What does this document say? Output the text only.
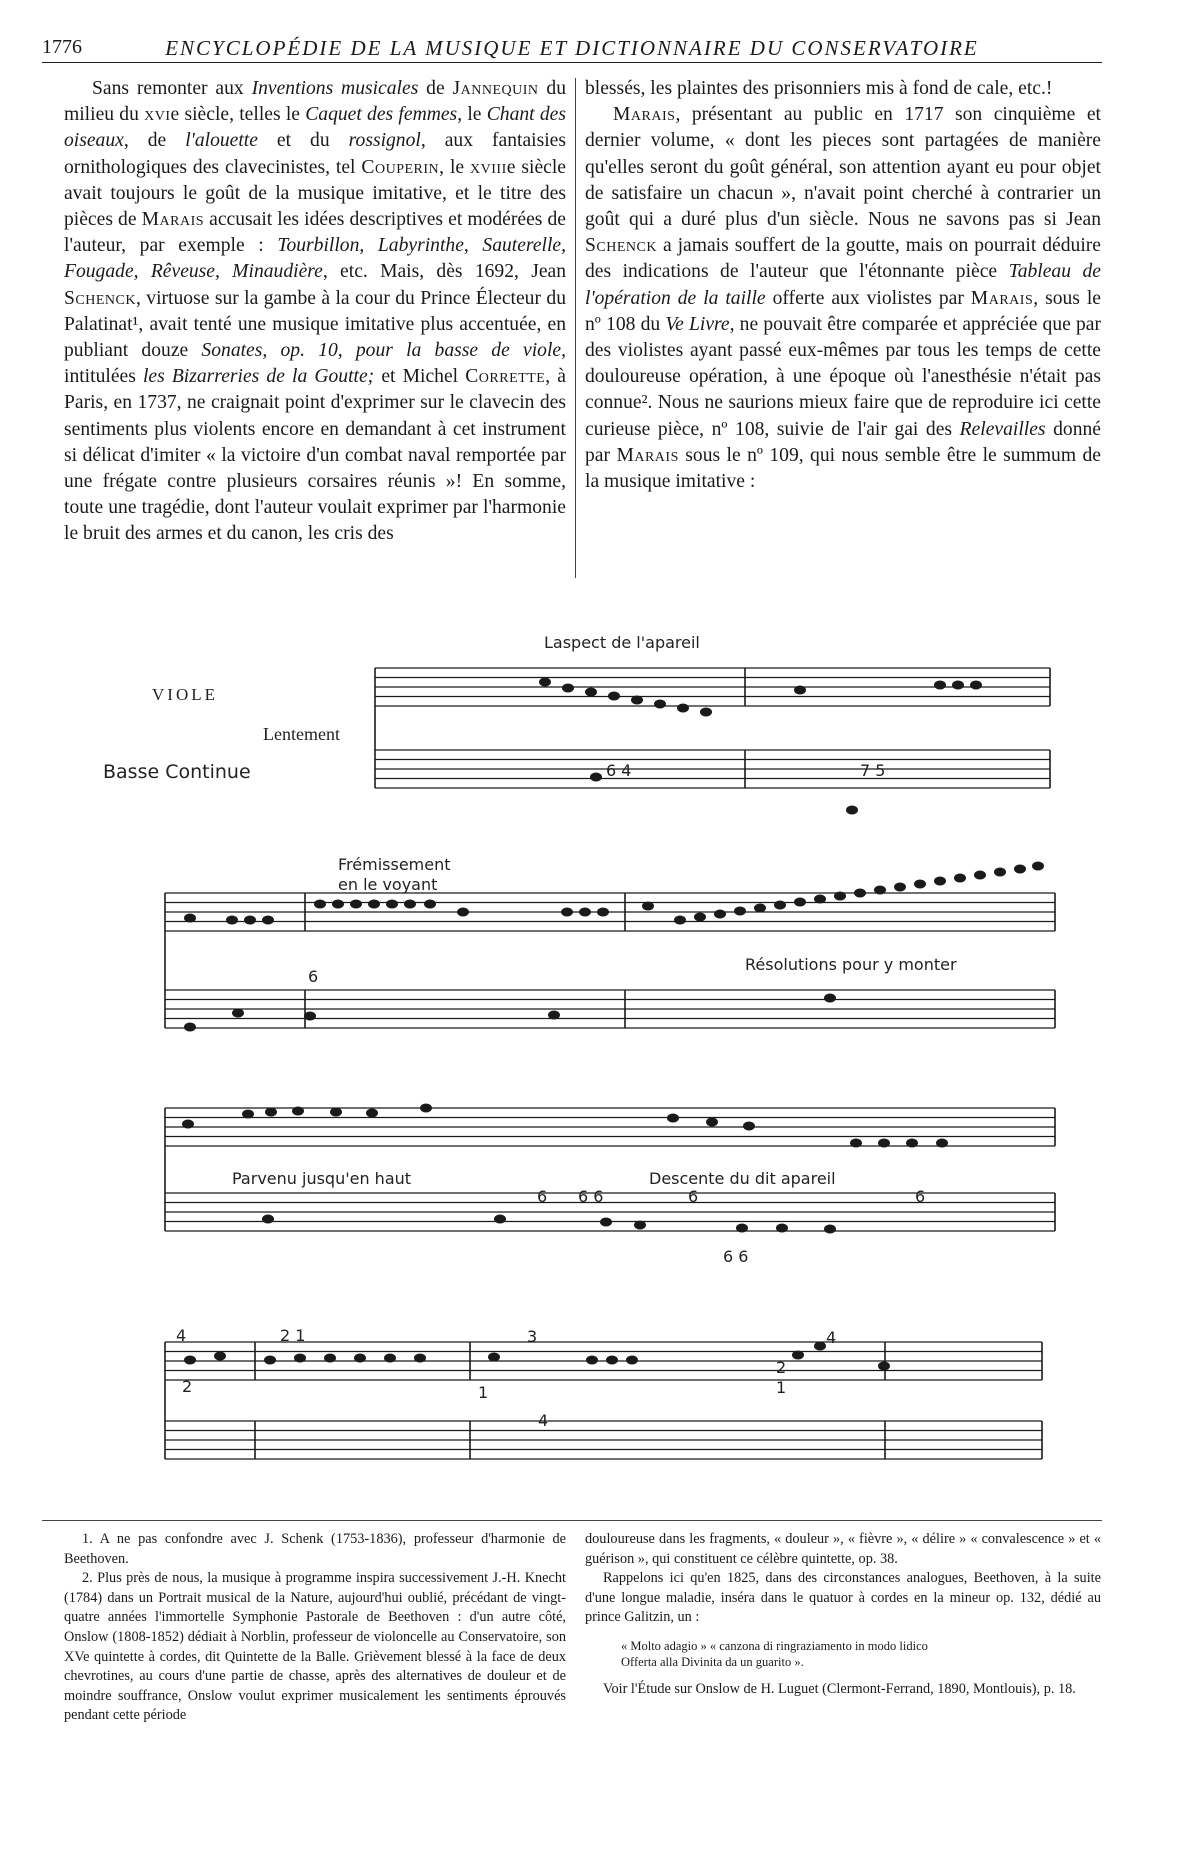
1776	ENCYCLOPÉDIE DE LA MUSIQUE ET DICTIONNAIRE DU CONSERVATOIRE

Sans remonter aux Inventions musicales de Jannequin du milieu du xvie siècle, telles le Caquet des femmes, le Chant des oiseaux, de l'alouette et du rossignol, aux fantaisies ornithologiques des clavecinistes, tel Couperin, le xviiie siècle avait toujours le goût de la musique imitative, et le titre des pièces de Marais accusait les idées descriptives et modérées de l'auteur, par exemple : Tourbillon, Labyrinthe, Sauterelle, Fougade, Rêveuse, Minaudière, etc. Mais, dès 1692, Jean Schenck, virtuose sur la gambe à la cour du Prince Électeur du Palatinat¹, avait tenté une musique imitative plus accentuée, en publiant douze Sonates, op. 10, pour la basse de viole, intitulées les Bizarreries de la Goutte; et Michel Corrette, à Paris, en 1737, ne craignait point d'exprimer sur le clavecin des sentiments plus violents encore en demandant à cet instrument si délicat d'imiter « la victoire d'un combat naval remportée par une frégate contre plusieurs corsaires réunis »! En somme, toute une tragédie, dont l'auteur voulait exprimer par l'harmonie le bruit des armes et du canon, les cris des

blessés, les plaintes des prisonniers mis à fond de cale, etc.!

Marais, présentant au public en 1717 son cinquième et dernier volume, « dont les pieces sont partagées de manière qu'elles seront du goût général, son attention ayant eu pour objet de satisfaire un chacun », n'avait point cherché à contrarier un goût qui a duré plus d'un siècle. Nous ne savons pas si Jean Schenck a jamais souffert de la goutte, mais on pourrait déduire des indications de l'auteur que l'étonnante pièce Tableau de l'opération de la taille offerte aux violistes par Marais, sous le nº 108 du Ve Livre, ne pouvait être comparée et appréciée que par des violistes ayant passé eux-mêmes par tous les temps de cette douloureuse opération, à une époque où l'anesthésie n'était pas connue². Nous ne saurions mieux faire que de reproduire ici cette curieuse pièce, nº 108, suivie de l'air gai des Relevailles donné par Marais sous le nº 109, qui nous semble être le summum de la musique imitative :

VIOLE
Lentement
Basse Continue
Laspect de l'apareil
Frémissement
en le voyant
Résolutions pour y monter
Parvenu jusqu'en haut	Descente du dit apareil
6 4	7 5
6
6 6 6	6
6 6
6
4
2
2 1
1
4
3
2
1
4

1. A ne pas confondre avec J. Schenk (1753-1836), professeur d'harmonie de Beethoven.

2. Plus près de nous, la musique à programme inspira successivement J.-H. Knecht (1784) dans un Portrait musical de la Nature, aujourd'hui oublié, précédant de vingt-quatre années l'immortelle Symphonie Pastorale de Beethoven : d'un autre côté, Onslow (1808-1852) dédiait à Norblin, professeur de violoncelle au Conservatoire, son XVe quintette à cordes, dit Quintette de la Balle. Grièvement blessé à la face de deux chevrotines, au cours d'une partie de chasse, après des alternatives de douleur et de moindre souffrance, Onslow voulut exprimer musicalement les sentiments éprouvés pendant cette période

douloureuse dans les fragments, « douleur », « fièvre », « délire » « convalescence » et « guérison », qui constituent ce célèbre quintette, op. 38.

Rappelons ici qu'en 1825, dans des circonstances analogues, Beethoven, à la suite d'une longue maladie, inséra dans le quatuor à cordes en la mineur op. 132, dédié au prince Galitzin, un :

« Molto adagio » « canzona di ringraziamento in modo lidico
Offerta alla Divinita da un guarito ».

Voir l'Étude sur Onslow de H. Luguet (Clermont-Ferrand, 1890, Montlouis), p. 18.
